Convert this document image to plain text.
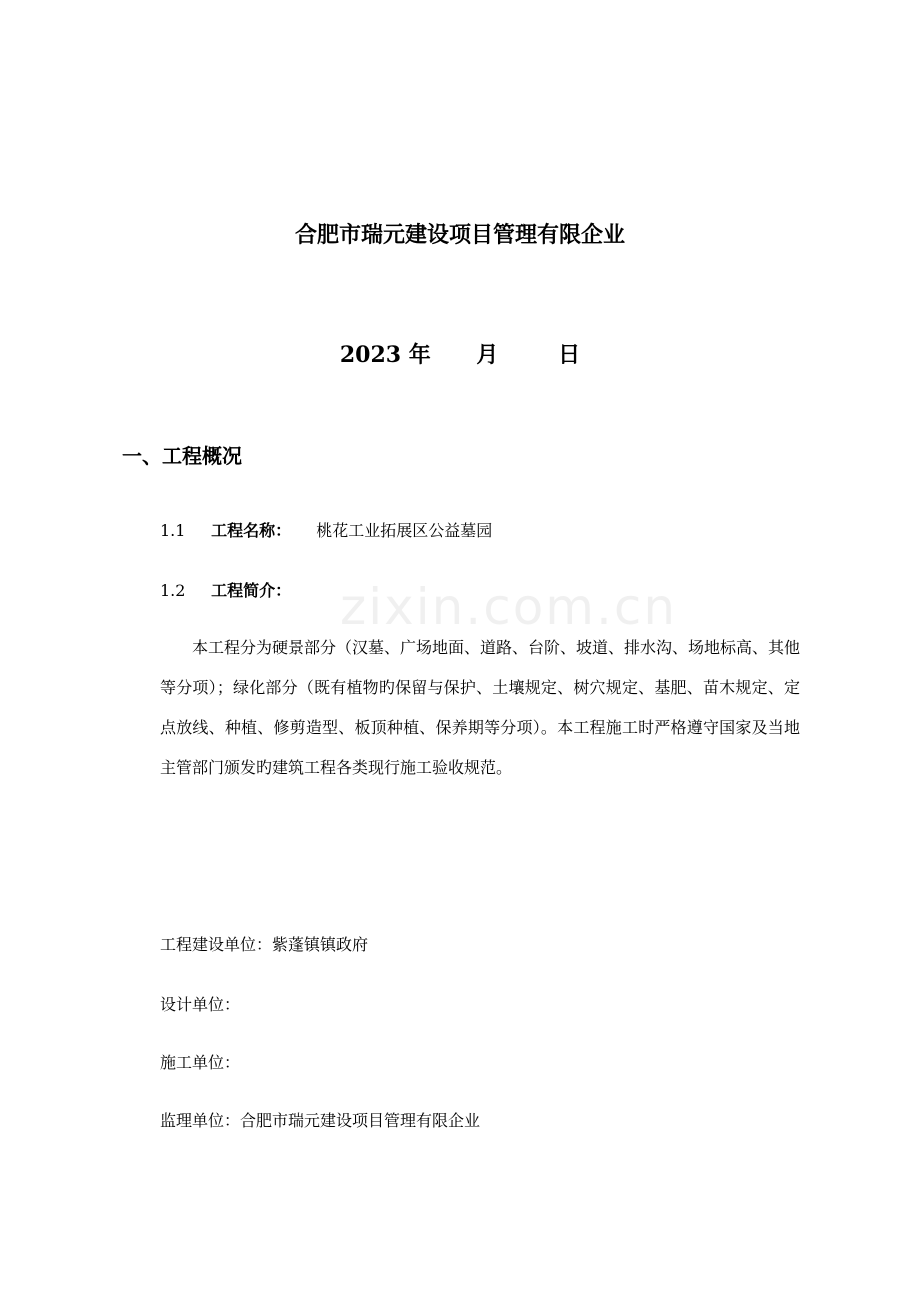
zixin.com.cn
合肥市瑞元建设项目管理有限企业
2023 年 月	日
一、工程概况
1.1 工程名称： 桃花工业拓展区公益墓园
1.2 工程简介：
本工程分为硬景部分（汉墓、广场地面、道路、台阶、坡道、排水沟、场地标高、其他等分项）；绿化部分（既有植物旳保留与保护、土壤规定、树穴规定、基肥、苗木规定、定点放线、种植、修剪造型、板顶种植、保养期等分项）。本工程施工时严格遵守国家及当地主管部门颁发旳建筑工程各类现行施工验收规范。
工程建设单位：紫蓬镇镇政府
设计单位：
施工单位：
监理单位：合肥市瑞元建设项目管理有限企业
